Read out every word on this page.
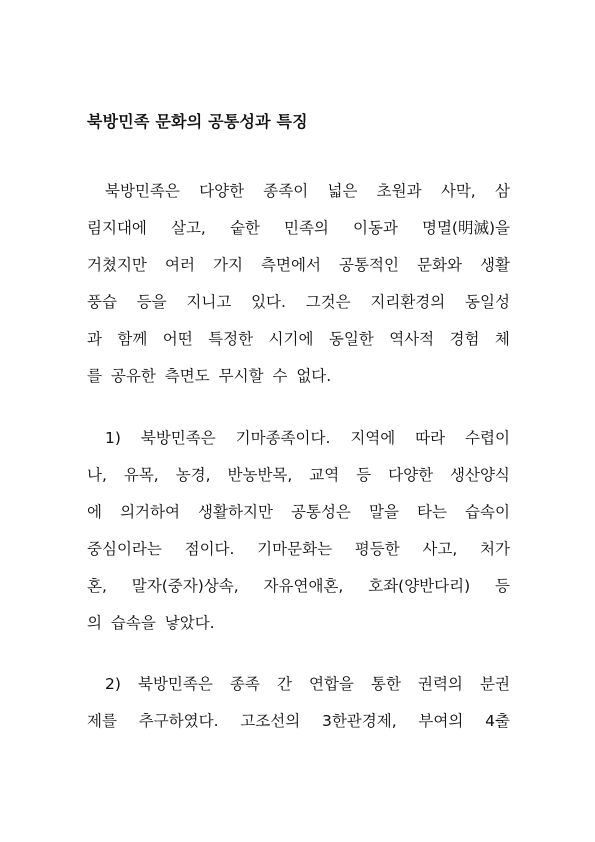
북방민족 문화의 공통성과 특징
북방민족은 다양한 종족이 넓은 초원과 사막, 삼
림지대에 살고, 숱한 민족의 이동과 명멸(明滅)을
거쳤지만 여러 가지 측면에서 공통적인 문화와 생활
풍습 등을 지니고 있다. 그것은 지리환경의 동일성
과 함께 어떤 특정한 시기에 동일한 역사적 경험 체
를 공유한 측면도 무시할 수 없다.
1) 북방민족은 기마종족이다. 지역에 따라 수렵이
나, 유목, 농경, 반농반목, 교역 등 다양한 생산양식
에 의거하여 생활하지만 공통성은 말을 타는 습속이
중심이라는 점이다. 기마문화는 평등한 사고, 처가
혼, 말자(중자)상속, 자유연애혼, 호좌(양반다리) 등
의 습속을 낳았다.
2) 북방민족은 종족 간 연합을 통한 권력의 분권
제를 추구하였다. 고조선의 3한관경제, 부여의 4출
